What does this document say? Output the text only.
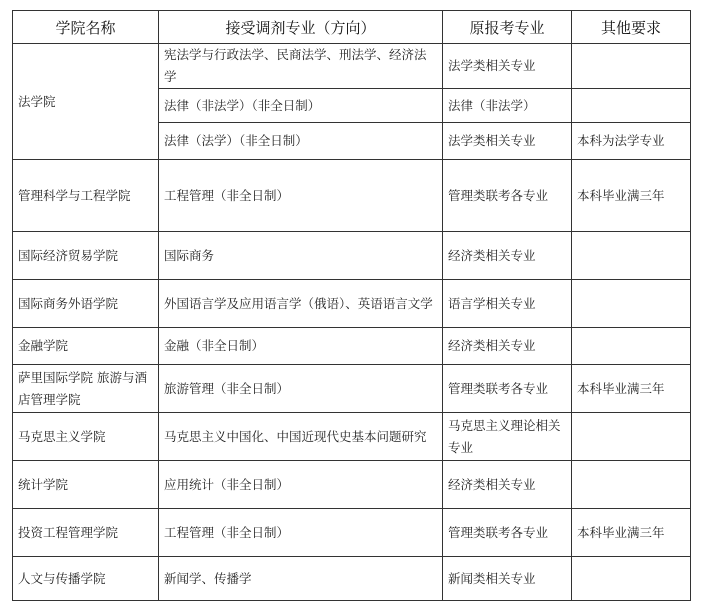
学院名称	接受调剂专业（方向）	原报考专业	其他要求
法学院	宪法学与行政法学、民商法学、刑法学、经济法学	法学类相关专业	
	法律（非法学）（非全日制）	法律（非法学）	
	法律（法学）（非全日制）	法学类相关专业	本科为法学专业
管理科学与工程学院	工程管理（非全日制）	管理类联考各专业	本科毕业满三年
国际经济贸易学院	国际商务	经济类相关专业	
国际商务外语学院	外国语言学及应用语言学（俄语）、英语语言文学	语言学相关专业	
金融学院	金融（非全日制）	经济类相关专业	
萨里国际学院 旅游与酒店管理学院	旅游管理（非全日制）	管理类联考各专业	本科毕业满三年
马克思主义学院	马克思主义中国化、中国近现代史基本问题研究	马克思主义理论相关专业	
统计学院	应用统计（非全日制）	经济类相关专业	
投资工程管理学院	工程管理（非全日制）	管理类联考各专业	本科毕业满三年
人文与传播学院	新闻学、传播学	新闻类相关专业	
